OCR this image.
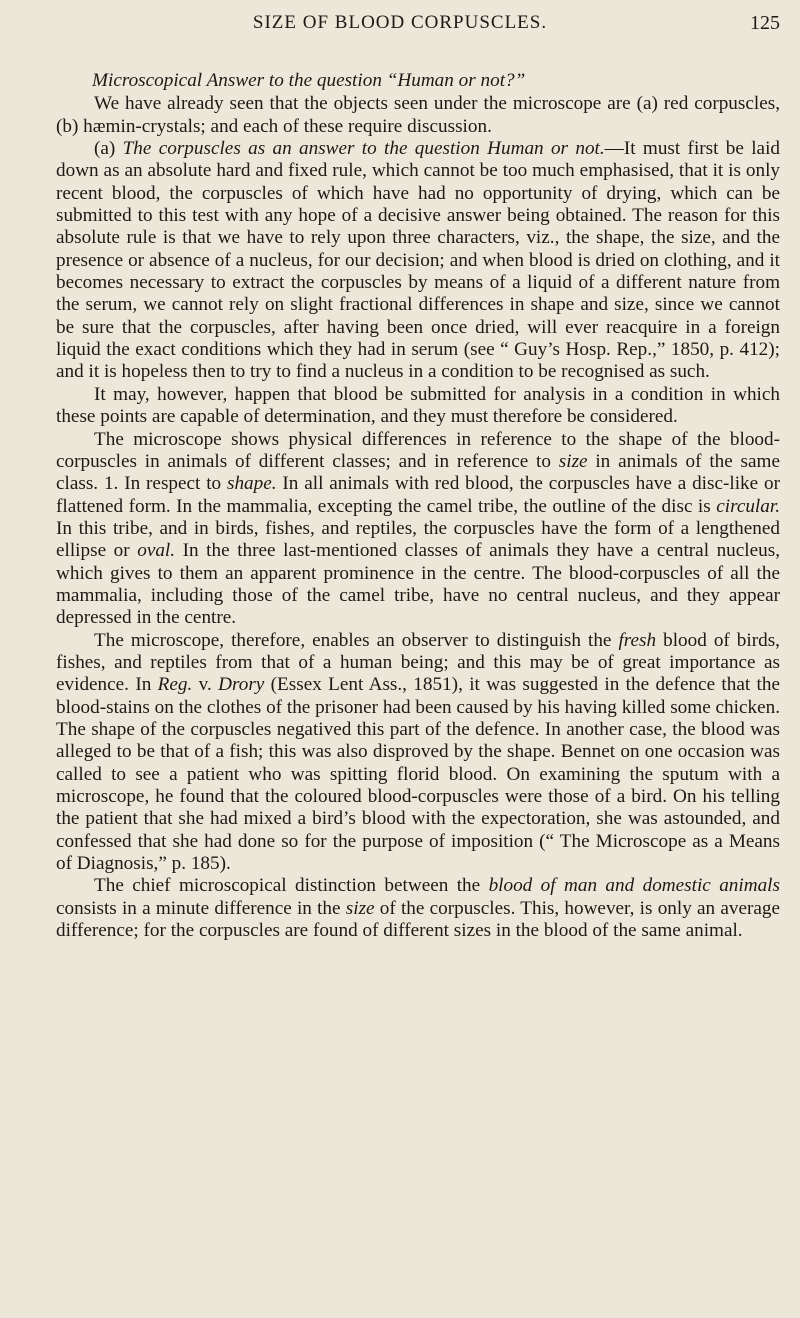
SIZE OF BLOOD CORPUSCLES.	125

Microscopical Answer to the question “Human or not?”

We have already seen that the objects seen under the microscope are (a) red corpuscles, (b) hæmin-crystals; and each of these require discussion.

(a) The corpuscles as an answer to the question Human or not.—It must first be laid down as an absolute hard and fixed rule, which cannot be too much emphasised, that it is only recent blood, the corpuscles of which have had no opportunity of drying, which can be submitted to this test with any hope of a decisive answer being obtained. The reason for this absolute rule is that we have to rely upon three characters, viz., the shape, the size, and the presence or absence of a nucleus, for our decision; and when blood is dried on clothing, and it becomes necessary to extract the corpuscles by means of a liquid of a different nature from the serum, we cannot rely on slight fractional differences in shape and size, since we cannot be sure that the corpuscles, after having been once dried, will ever reacquire in a foreign liquid the exact conditions which they had in serum (see “ Guy’s Hosp. Rep.,” 1850, p. 412); and it is hopeless then to try to find a nucleus in a condition to be recognised as such.

It may, however, happen that blood be submitted for analysis in a condition in which these points are capable of determination, and they must therefore be considered.

The microscope shows physical differences in reference to the shape of the blood-corpuscles in animals of different classes; and in reference to size in animals of the same class. 1. In respect to shape. In all animals with red blood, the corpuscles have a disc-like or flattened form. In the mammalia, excepting the camel tribe, the outline of the disc is circular. In this tribe, and in birds, fishes, and reptiles, the corpuscles have the form of a lengthened ellipse or oval. In the three last-mentioned classes of animals they have a central nucleus, which gives to them an apparent prominence in the centre. The blood-corpuscles of all the mammalia, including those of the camel tribe, have no central nucleus, and they appear depressed in the centre.

The microscope, therefore, enables an observer to distinguish the fresh blood of birds, fishes, and reptiles from that of a human being; and this may be of great importance as evidence. In Reg. v. Drory (Essex Lent Ass., 1851), it was suggested in the defence that the blood-stains on the clothes of the prisoner had been caused by his having killed some chicken. The shape of the corpuscles negatived this part of the defence. In another case, the blood was alleged to be that of a fish; this was also disproved by the shape. Bennet on one occasion was called to see a patient who was spitting florid blood. On examining the sputum with a microscope, he found that the coloured blood-corpuscles were those of a bird. On his telling the patient that she had mixed a bird’s blood with the expectoration, she was astounded, and confessed that she had done so for the purpose of imposition (“ The Microscope as a Means of Diagnosis,” p. 185).

The chief microscopical distinction between the blood of man and domestic animals consists in a minute difference in the size of the corpuscles. This, however, is only an average difference; for the corpuscles are found of different sizes in the blood of the same animal.
